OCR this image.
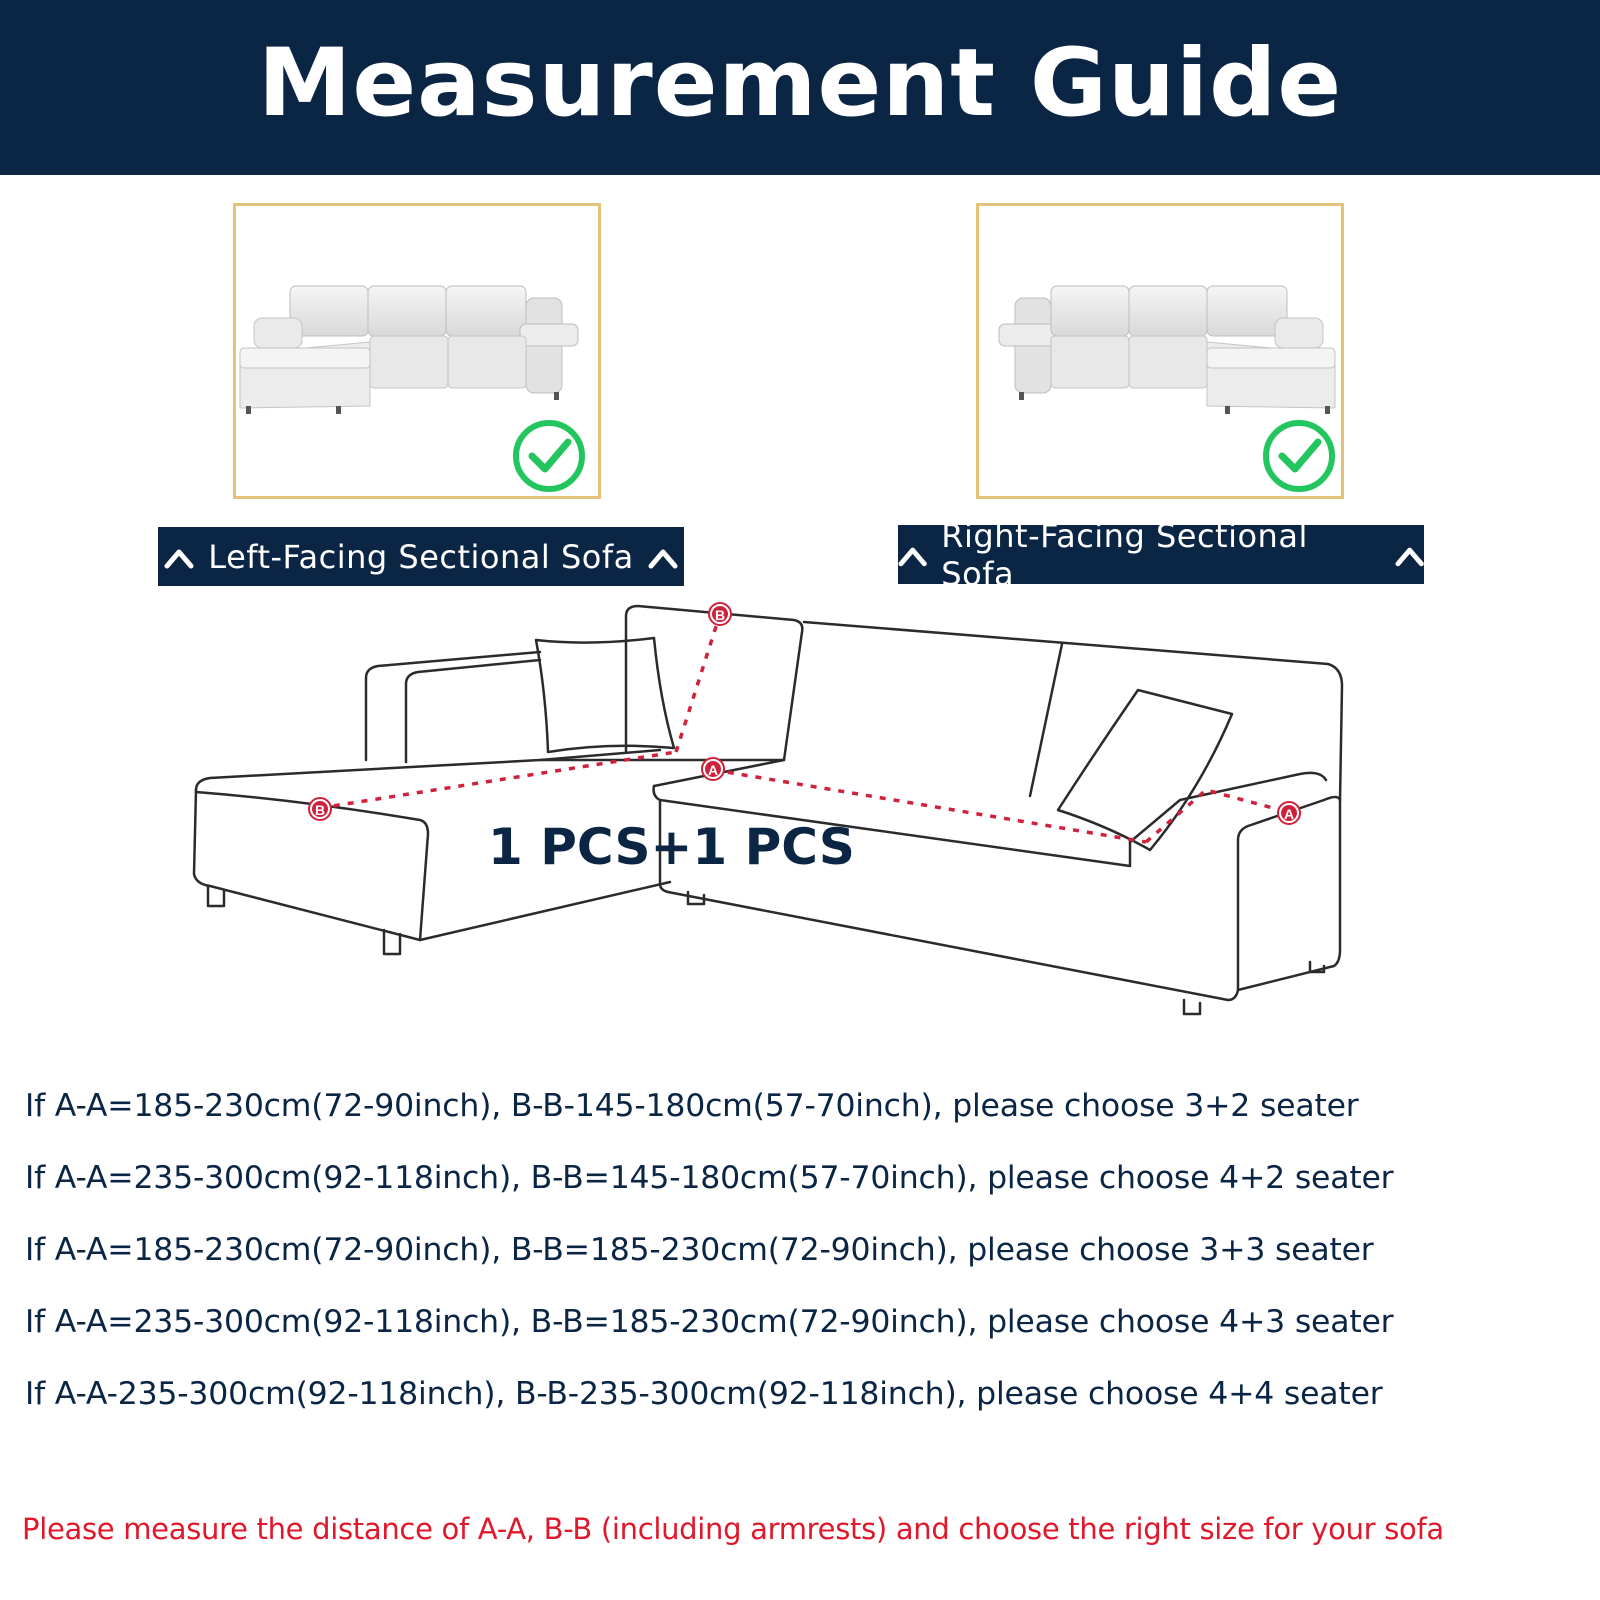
Measurement Guide
Left-Facing Sectional Sofa
Right-Facing Sectional Sofa
B
B
A
A
1 PCS+1 PCS
If A-A=185-230cm(72-90inch), B-B-145-180cm(57-70inch), please choose 3+2 seater
If A-A=235-300cm(92-118inch), B-B=145-180cm(57-70inch), please choose 4+2 seater
If A-A=185-230cm(72-90inch), B-B=185-230cm(72-90inch), please choose 3+3 seater
If A-A=235-300cm(92-118inch), B-B=185-230cm(72-90inch), please choose 4+3 seater
If A-A-235-300cm(92-118inch), B-B-235-300cm(92-118inch), please choose 4+4 seater
Please measure the distance of A-A, B-B (including armrests) and choose the right size for your sofa
